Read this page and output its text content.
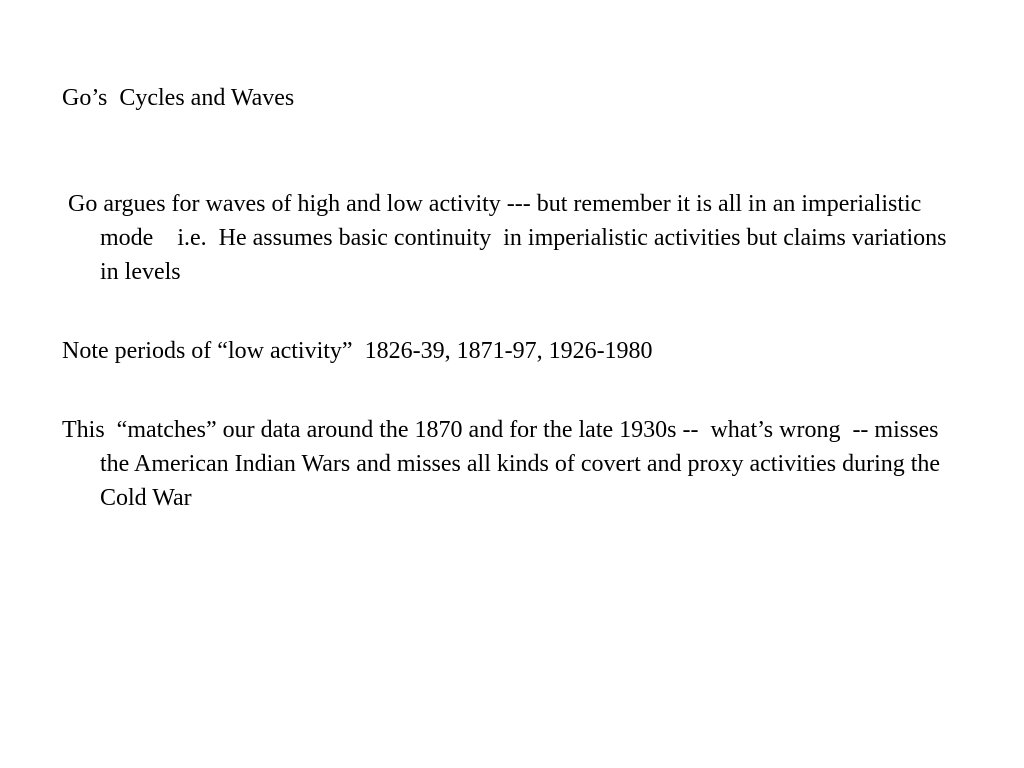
Go’s  Cycles and Waves

Go argues for waves of high and low activity --- but remember it is all in an imperialistic mode    i.e.  He assumes basic continuity  in imperialistic activities but claims variations in levels

Note periods of “low activity”  1826-39, 1871-97, 1926-1980

This  “matches” our data around the 1870 and for the late 1930s --  what’s wrong  -- misses the American Indian Wars and misses all kinds of covert and proxy activities during the Cold War
